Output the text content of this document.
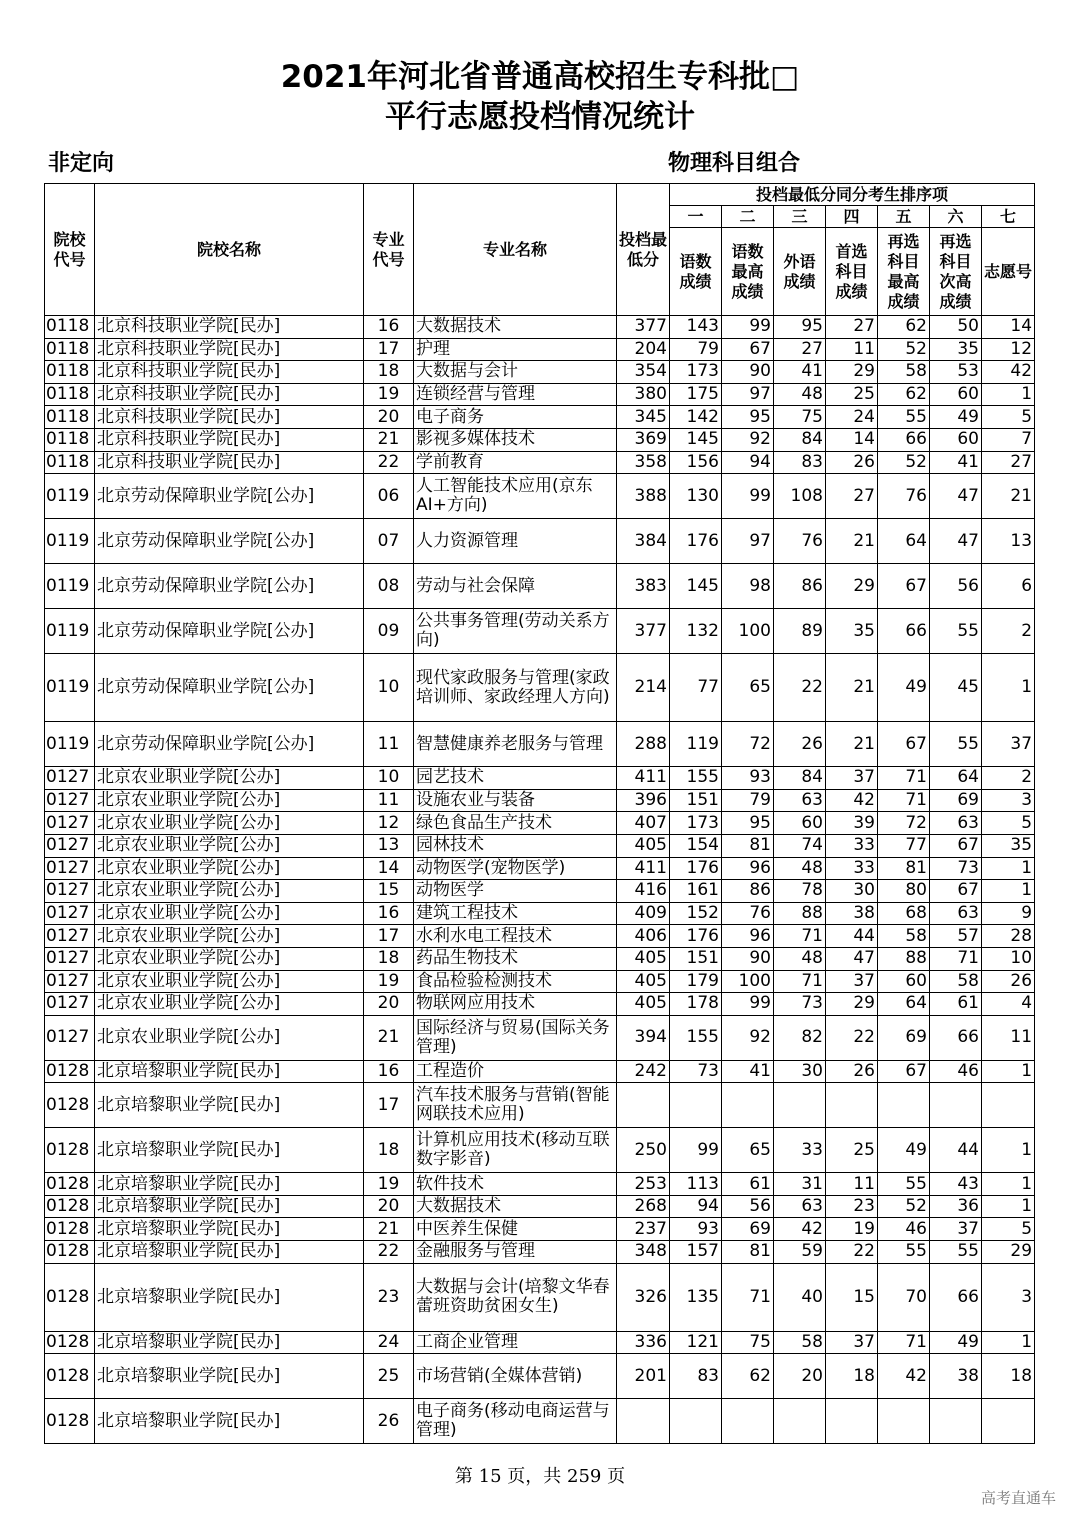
2021年河北省普通高校招生专科批□
平行志愿投档情况统计
非定向	物理科目组合
院校代号	院校名称	专业代号	专业名称	投档最低分	投档最低分同分考生排序项						
					一	二	三	四	五	六	七
					语数成绩	语数最高成绩	外语成绩	首选科目成绩	再选科目最高成绩	再选科目次高成绩	志愿号
0118	北京科技职业学院[民办]	16	大数据技术	377	143	99	95	27	62	50	14
0118	北京科技职业学院[民办]	17	护理	204	79	67	27	11	52	35	12
0118	北京科技职业学院[民办]	18	大数据与会计	354	173	90	41	29	58	53	42
0118	北京科技职业学院[民办]	19	连锁经营与管理	380	175	97	48	25	62	60	1
0118	北京科技职业学院[民办]	20	电子商务	345	142	95	75	24	55	49	5
0118	北京科技职业学院[民办]	21	影视多媒体技术	369	145	92	84	14	66	60	7
0118	北京科技职业学院[民办]	22	学前教育	358	156	94	83	26	52	41	27
0119	北京劳动保障职业学院[公办]	06	人工智能技术应用(京东AI+方向)	388	130	99	108	27	76	47	21
0119	北京劳动保障职业学院[公办]	07	人力资源管理	384	176	97	76	21	64	47	13
0119	北京劳动保障职业学院[公办]	08	劳动与社会保障	383	145	98	86	29	67	56	6
0119	北京劳动保障职业学院[公办]	09	公共事务管理(劳动关系方向)	377	132	100	89	35	66	55	2
0119	北京劳动保障职业学院[公办]	10	现代家政服务与管理(家政培训师、家政经理人方向)	214	77	65	22	21	49	45	1
0119	北京劳动保障职业学院[公办]	11	智慧健康养老服务与管理	288	119	72	26	21	67	55	37
0127	北京农业职业学院[公办]	10	园艺技术	411	155	93	84	37	71	64	2
0127	北京农业职业学院[公办]	11	设施农业与装备	396	151	79	63	42	71	69	3
0127	北京农业职业学院[公办]	12	绿色食品生产技术	407	173	95	60	39	72	63	5
0127	北京农业职业学院[公办]	13	园林技术	405	154	81	74	33	77	67	35
0127	北京农业职业学院[公办]	14	动物医学(宠物医学)	411	176	96	48	33	81	73	1
0127	北京农业职业学院[公办]	15	动物医学	416	161	86	78	30	80	67	1
0127	北京农业职业学院[公办]	16	建筑工程技术	409	152	76	88	38	68	63	9
0127	北京农业职业学院[公办]	17	水利水电工程技术	406	176	96	71	44	58	57	28
0127	北京农业职业学院[公办]	18	药品生物技术	405	151	90	48	47	88	71	10
0127	北京农业职业学院[公办]	19	食品检验检测技术	405	179	100	71	37	60	58	26
0127	北京农业职业学院[公办]	20	物联网应用技术	405	178	99	73	29	64	61	4
0127	北京农业职业学院[公办]	21	国际经济与贸易(国际关务管理)	394	155	92	82	22	69	66	11
0128	北京培黎职业学院[民办]	16	工程造价	242	73	41	30	26	67	46	1
0128	北京培黎职业学院[民办]	17	汽车技术服务与营销(智能网联技术应用)								
0128	北京培黎职业学院[民办]	18	计算机应用技术(移动互联数字影音)	250	99	65	33	25	49	44	1
0128	北京培黎职业学院[民办]	19	软件技术	253	113	61	31	11	55	43	1
0128	北京培黎职业学院[民办]	20	大数据技术	268	94	56	63	23	52	36	1
0128	北京培黎职业学院[民办]	21	中医养生保健	237	93	69	42	19	46	37	5
0128	北京培黎职业学院[民办]	22	金融服务与管理	348	157	81	59	22	55	55	29
0128	北京培黎职业学院[民办]	23	大数据与会计(培黎文华春蕾班资助贫困女生)	326	135	71	40	15	70	66	3
0128	北京培黎职业学院[民办]	24	工商企业管理	336	121	75	58	37	71	49	1
0128	北京培黎职业学院[民办]	25	市场营销(全媒体营销)	201	83	62	20	18	42	38	18
0128	北京培黎职业学院[民办]	26	电子商务(移动电商运营与管理)								
第 15 页，共 259 页
高考直通车
